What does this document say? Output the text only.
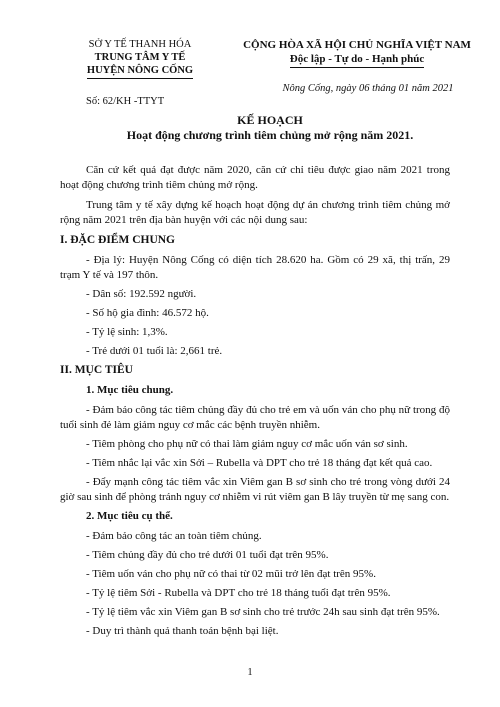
SỞ Y TẾ THANH HÓA
TRUNG TÂM Y TẾ
HUYỆN NÔNG CỐNG
Số: 62/KH -TTYT
CỘNG HÒA XÃ HỘI CHỦ NGHĨA VIỆT NAM
Độc lập - Tự do - Hạnh phúc
Nông Cống, ngày 06 tháng 01 năm 2021
KẾ HOẠCH
Hoạt động chương trình tiêm chủng mở rộng năm 2021.

Căn cứ kết quả đạt được năm 2020, căn cứ chỉ tiêu được giao năm 2021 trong hoạt động chương trình tiêm chủng mở rộng.

Trung tâm y tế xây dựng kế hoạch hoạt động dự án chương trình tiêm chủng mở rộng năm 2021 trên địa bàn huyện với các nội dung sau:

I. ĐẶC ĐIỂM CHUNG

- Địa lý: Huyện Nông Cống có diện tích 28.620 ha. Gồm có 29 xã, thị trấn, 29 trạm Y tế và 197 thôn.

- Dân số: 192.592 người.

- Số hộ gia đình: 46.572 hộ.

- Tỷ lệ sinh: 1,3%.

- Trẻ dưới 01 tuổi là: 2,661 trẻ.

II. MỤC TIÊU
1. Mục tiêu chung.

- Đảm bảo công tác tiêm chủng đầy đủ cho trẻ em và uốn ván cho phụ nữ trong độ tuổi sinh đẻ làm giảm nguy cơ mắc các bệnh truyền nhiễm.

- Tiêm phòng cho phụ nữ có thai làm giảm nguy cơ mắc uốn ván sơ sinh.

- Tiêm nhắc lại vắc xin Sởi – Rubella và DPT cho trẻ 18 tháng đạt kết quả cao.

- Đẩy mạnh công tác tiêm vắc xin Viêm gan B sơ sinh cho trẻ trong vòng dưới 24 giờ sau sinh để phòng tránh nguy cơ nhiễm vi rút viêm gan B lây truyền từ mẹ sang con.

2. Mục tiêu cụ thể.

- Đảm bảo công tác an toàn tiêm chủng.

- Tiêm chủng đầy đủ cho trẻ dưới 01 tuổi đạt trên 95%.

- Tiêm uốn ván cho phụ nữ có thai từ 02 mũi trở lên đạt trên 95%.

- Tỷ lệ tiêm Sởi - Rubella và DPT cho trẻ 18 tháng tuổi đạt trên 95%.

- Tỷ lệ tiêm vắc xin Viêm gan B sơ sinh cho trẻ trước 24h sau sinh đạt trên 95%.

- Duy trì thành quả thanh toán bệnh bại liệt.

1
